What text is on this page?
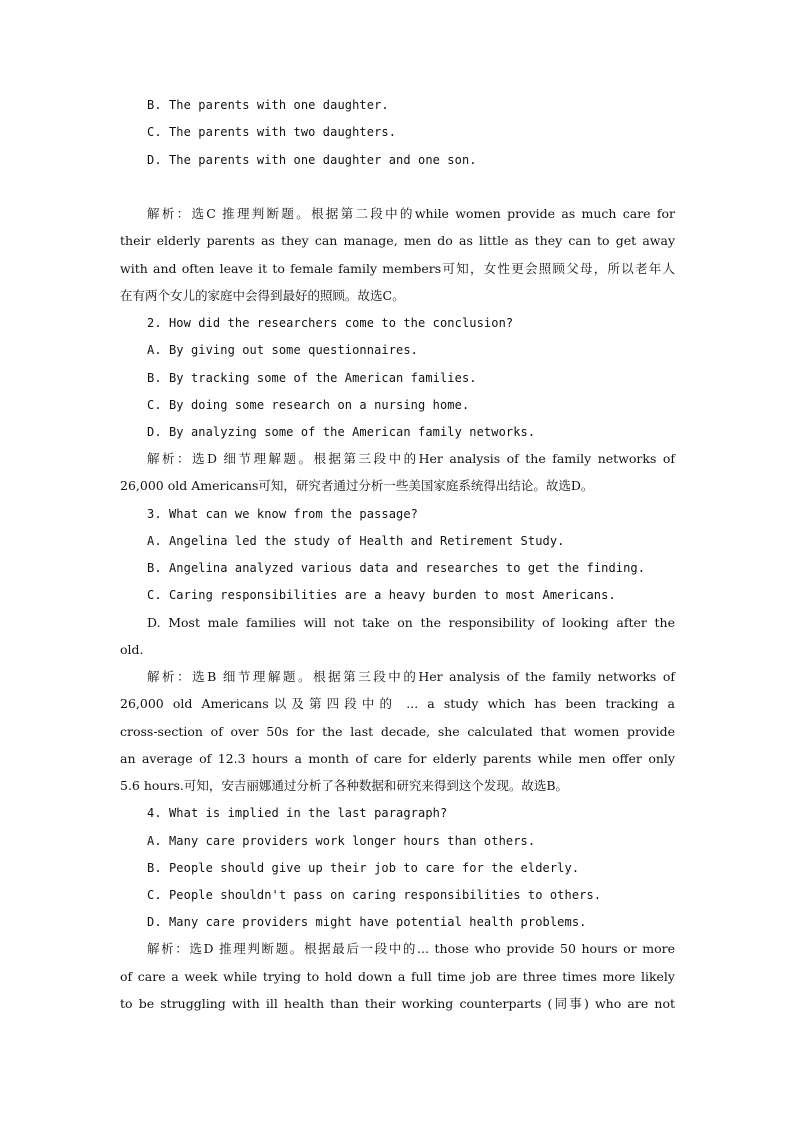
B. The parents with one daughter.
C. The parents with two daughters.
D. The parents with one daughter and one son.
解析：选C 推理判断题。根据第二段中的while women provide as much care for
their elderly parents as they can manage, men do as little as they can to get away
with and often leave it to female family members可知，女性更会照顾父母，所以老年人
在有两个女儿的家庭中会得到最好的照顾。故选C。
2. How did the researchers come to the conclusion?
A. By giving out some questionnaires.
B. By tracking some of the American families.
C. By doing some research on a nursing home.
D. By analyzing some of the American family networks.
解析：选D 细节理解题。根据第三段中的Her analysis of the family networks of
26,000 old Americans可知，研究者通过分析一些美国家庭系统得出结论。故选D。
3. What can we know from the passage?
A. Angelina led the study of Health and Retirement Study.
B. Angelina analyzed various data and researches to get the finding.
C. Caring responsibilities are a heavy burden to most Americans.
D. Most male families will not take on the responsibility of looking after the
old.
解析：选B 细节理解题。根据第三段中的Her analysis of the family networks of
26,000 old Americans以及第四段中的 ... a study which has been tracking a
cross-section of over 50s for the last decade, she calculated that women provide
an average of 12.3 hours a month of care for elderly parents while men offer only
5.6 hours.可知，安吉丽娜通过分析了各种数据和研究来得到这个发现。故选B。
4. What is implied in the last paragraph?
A. Many care providers work longer hours than others.
B. People should give up their job to care for the elderly.
C. People shouldn't pass on caring responsibilities to others.
D. Many care providers might have potential health problems.
解析：选D 推理判断题。根据最后一段中的... those who provide 50 hours or more
of care a week while trying to hold down a full time job are three times more likely
to be struggling with ill health than their working counterparts (同事) who are not
